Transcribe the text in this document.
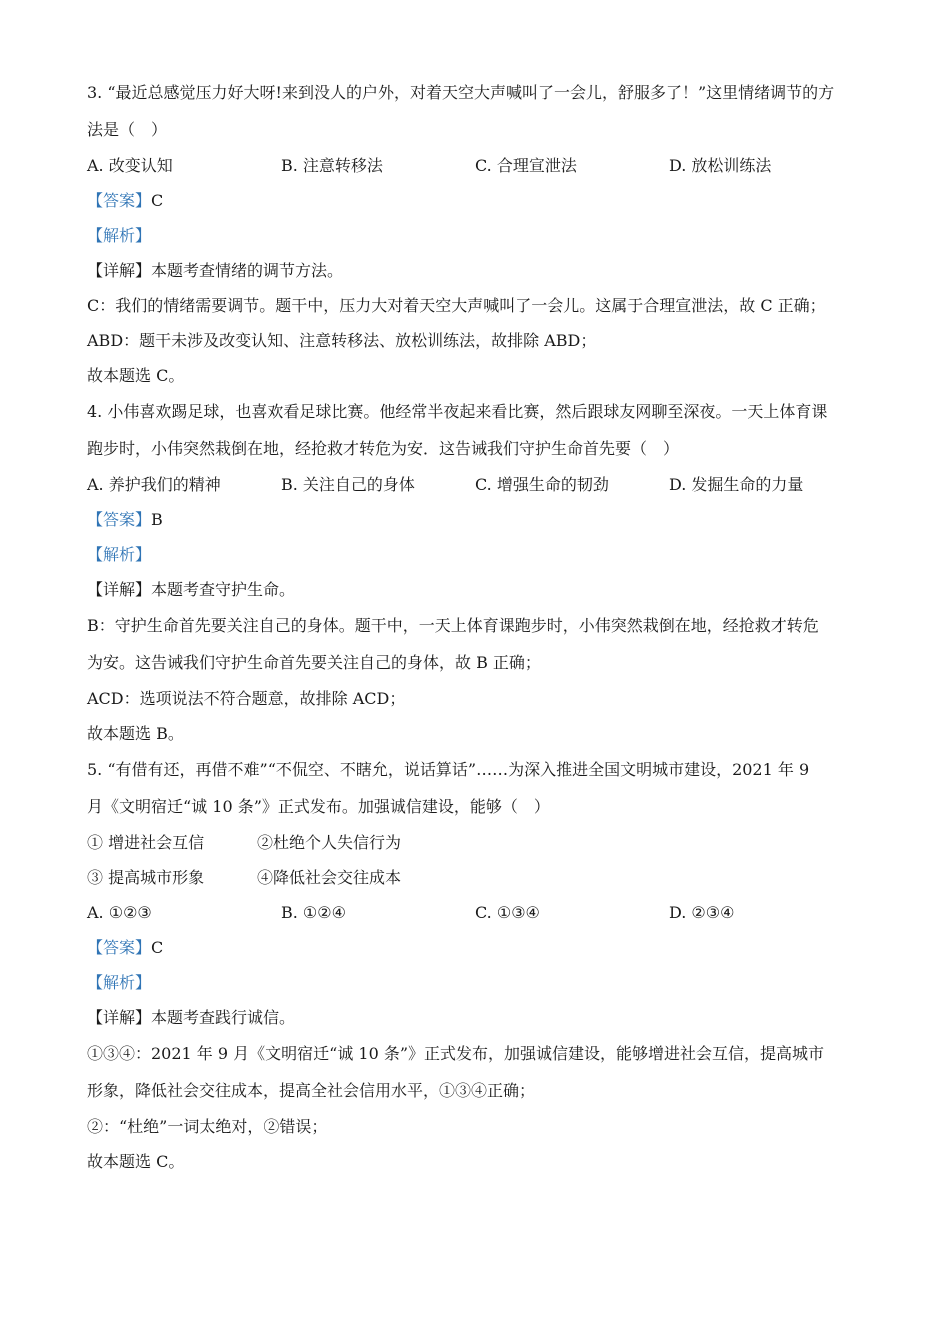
3. “最近总感觉压力好大呀!来到没人的户外，对着天空大声喊叫了一会儿，舒服多了！”这里情绪调节的方

法是（　）

A. 改变认知	B. 注意转移法	C. 合理宣泄法	D. 放松训练法

【答案】C

【解析】

【详解】本题考查情绪的调节方法。

C：我们的情绪需要调节。题干中，压力大对着天空大声喊叫了一会儿。这属于合理宣泄法，故 C 正确；

ABD：题干未涉及改变认知、注意转移法、放松训练法，故排除 ABD；

故本题选 C。

4. 小伟喜欢踢足球，也喜欢看足球比赛。他经常半夜起来看比赛，然后跟球友网聊至深夜。一天上体育课

跑步时，小伟突然栽倒在地，经抢救才转危为安．这告诫我们守护生命首先要（　）

A. 养护我们的精神	B. 关注自己的身体	C. 增强生命的韧劲	D. 发掘生命的力量

【答案】B

【解析】

【详解】本题考查守护生命。

B：守护生命首先要关注自己的身体。题干中，一天上体育课跑步时，小伟突然栽倒在地，经抢救才转危

为安。这告诫我们守护生命首先要关注自己的身体，故 B 正确；

ACD：选项说法不符合题意，故排除 ACD；

故本题选 B。

5. “有借有还，再借不难”“不侃空、不瞎允，说话算话”……为深入推进全国文明城市建设，2021 年 9

月《文明宿迁“诚 10 条”》正式发布。加强诚信建设，能够（　）

① 增进社会互信	②杜绝个人失信行为
③ 提高城市形象	④降低社会交往成本
A. ①②③	B. ①②④	C. ①③④	D. ②③④

【答案】C

【解析】

【详解】本题考查践行诚信。

①③④：2021 年 9 月《文明宿迁“诚 10 条”》正式发布，加强诚信建设，能够增进社会互信，提高城市

形象，降低社会交往成本，提高全社会信用水平，①③④正确；

②：“杜绝”一词太绝对，②错误；

故本题选 C。
